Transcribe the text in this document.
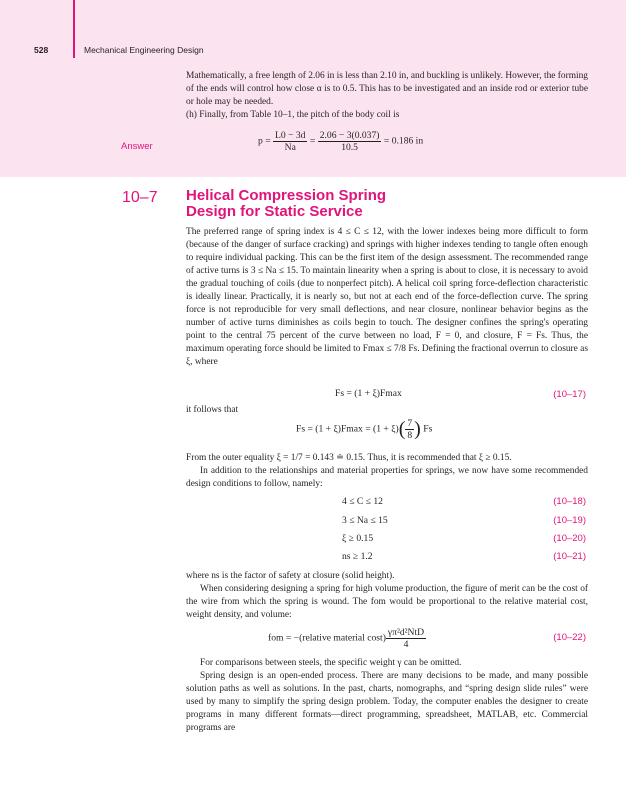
528	Mechanical Engineering Design

Mathematically, a free length of 2.06 in is less than 2.10 in, and buckling is unlikely. However, the forming of the ends will control how close α is to 0.5. This has to be investigated and an inside rod or exterior tube or hole may be needed.

(h) Finally, from Table 10–1, the pitch of the body coil is

Answer	$p = \frac{L0 - 3d}{Na} = \frac{2.06 - 3(0.037)}{10.5} = 0.186$ in
10–7 Helical Compression Spring
Design for Static Service

The preferred range of spring index is 4 ≤ C ≤ 12, with the lower indexes being more difficult to form (because of the danger of surface cracking) and springs with higher indexes tending to tangle often enough to require individual packing. This can be the first item of the design assessment. The recommended range of active turns is 3 ≤ Na ≤ 15. To maintain linearity when a spring is about to close, it is necessary to avoid the gradual touching of coils (due to nonperfect pitch). A helical coil spring force-deflection characteristic is ideally linear. Practically, it is nearly so, but not at each end of the force-deflection curve. The spring force is not reproducible for very small deflections, and near closure, nonlinear behavior begins as the number of active turns diminishes as coils begin to touch. The designer confines the spring's operating point to the central 75 percent of the curve between no load, F = 0, and closure, F = Fs. Thus, the maximum operating force should be limited to Fmax ≤ 7/8 Fs. Defining the fractional overrun to closure as ξ, where

Fs = (1 + ξ)Fmax	(10–17)
it follows that
$Fs = (1 + \xi)Fmax = (1 + \xi)( \frac{7}{8}$ ) Fs

From the outer equality ξ = 1/7 = 0.143 ≐ 0.15. Thus, it is recommended that ξ ≥ 0.15.

In addition to the relationships and material properties for springs, we now have some recommended design conditions to follow, namely:

4 ≤ C ≤ 12	(10–18)
3 ≤ Na ≤ 15	(10–19)
ξ ≥ 0.15	(10–20)
ns ≥ 1.2	(10–21)

where ns is the factor of safety at closure (solid height).

When considering designing a spring for high volume production, the figure of merit can be the cost of the wire from which the spring is wound. The fom would be proportional to the relative material cost, weight density, and volume:

fom = −(relative material $\cos t) \frac{\text{γπ²d²NtD}}{4}$	(10–22)

For comparisons between steels, the specific weight γ can be omitted.

Spring design is an open-ended process. There are many decisions to be made, and many possible solution paths as well as solutions. In the past, charts, nomographs, and “spring design slide rules” were used by many to simplify the spring design problem. Today, the computer enables the designer to create programs in many different formats—direct programming, spreadsheet, MATLAB, etc. Commercial programs are
